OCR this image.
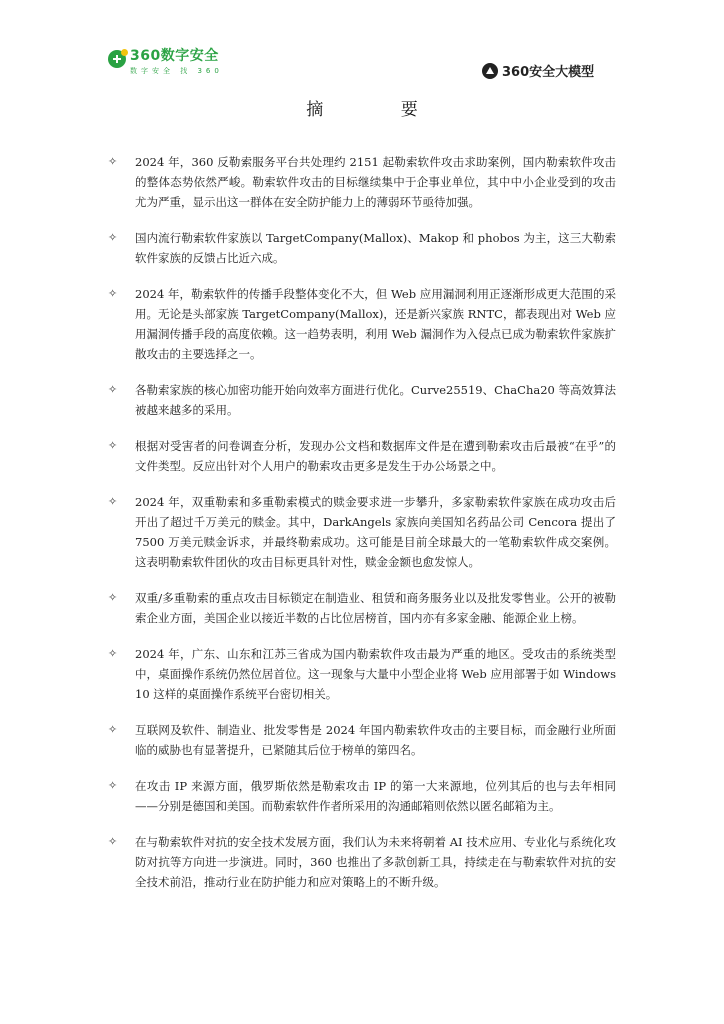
360数字安全
数字安全 找 360	360安全大模型
摘 要
✧ 2024 年，360 反勒索服务平台共处理约 2151 起勒索软件攻击求助案例，国内勒索软件攻击的整体态势依然严峻。勒索软件攻击的目标继续集中于企事业单位，其中中小企业受到的攻击尤为严重，显示出这一群体在安全防护能力上的薄弱环节亟待加强。
✧ 国内流行勒索软件家族以 TargetCompany(Mallox)、Makop 和 phobos 为主，这三大勒索软件家族的反馈占比近六成。
✧ 2024 年，勒索软件的传播手段整体变化不大，但 Web 应用漏洞利用正逐渐形成更大范围的采用。无论是头部家族 TargetCompany(Mallox)，还是新兴家族 RNTC，都表现出对 Web 应用漏洞传播手段的高度依赖。这一趋势表明，利用 Web 漏洞作为入侵点已成为勒索软件家族扩散攻击的主要选择之一。
✧ 各勒索家族的核心加密功能开始向效率方面进行优化。Curve25519、ChaCha20 等高效算法被越来越多的采用。
✧ 根据对受害者的问卷调查分析，发现办公文档和数据库文件是在遭到勒索攻击后最被“在乎”的文件类型。反应出针对个人用户的勒索攻击更多是发生于办公场景之中。
✧ 2024 年，双重勒索和多重勒索模式的赎金要求进一步攀升，多家勒索软件家族在成功攻击后开出了超过千万美元的赎金。其中，DarkAngels 家族向美国知名药品公司 Cencora 提出了 7500 万美元赎金诉求，并最终勒索成功。这可能是目前全球最大的一笔勒索软件成交案例。这表明勒索软件团伙的攻击目标更具针对性，赎金金额也愈发惊人。
✧ 双重/多重勒索的重点攻击目标锁定在制造业、租赁和商务服务业以及批发零售业。公开的被勒索企业方面，美国企业以接近半数的占比位居榜首，国内亦有多家金融、能源企业上榜。
✧ 2024 年，广东、山东和江苏三省成为国内勒索软件攻击最为严重的地区。受攻击的系统类型中，桌面操作系统仍然位居首位。这一现象与大量中小型企业将 Web 应用部署于如 Windows 10 这样的桌面操作系统平台密切相关。
✧ 互联网及软件、制造业、批发零售是 2024 年国内勒索软件攻击的主要目标，而金融行业所面临的威胁也有显著提升，已紧随其后位于榜单的第四名。
✧ 在攻击 IP 来源方面，俄罗斯依然是勒索攻击 IP 的第一大来源地，位列其后的也与去年相同——分别是德国和美国。而勒索软件作者所采用的沟通邮箱则依然以匿名邮箱为主。
✧ 在与勒索软件对抗的安全技术发展方面，我们认为未来将朝着 AI 技术应用、专业化与系统化攻防对抗等方向进一步演进。同时，360 也推出了多款创新工具，持续走在与勒索软件对抗的安全技术前沿，推动行业在防护能力和应对策略上的不断升级。
